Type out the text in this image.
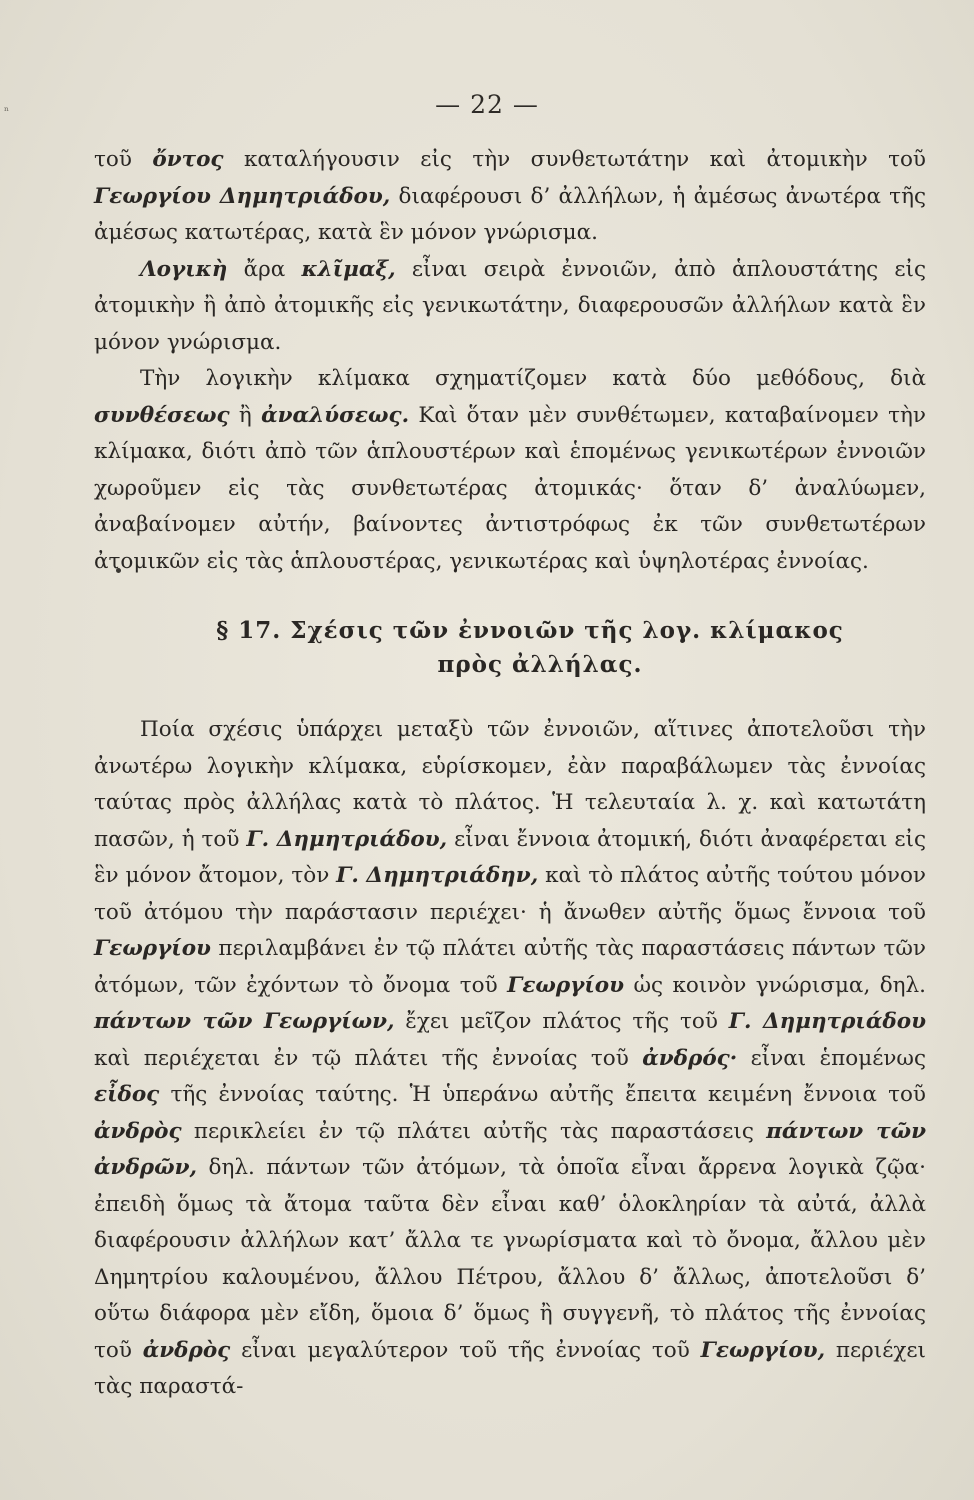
ⁿ	— 22 —

τοῦ ὄντος καταλήγουσιν εἰς τὴν συνθετωτάτην καὶ ἀτομικὴν τοῦ Γεωργίου Δημητριάδου, διαφέρουσι δ’ ἀλλήλων, ἡ ἀμέσως ἀνωτέρα τῆς ἀμέσως κατωτέρας, κατὰ ἓν μόνον γνώρισμα.

Λογικὴ ἄρα κλῖμαξ, εἶναι σειρὰ ἐννοιῶν, ἀπὸ ἁπλουστάτης εἰς ἀτομικὴν ἢ ἀπὸ ἀτομικῆς εἰς γενικωτάτην, διαφερουσῶν ἀλλήλων κατὰ ἓν μόνον γνώρισμα.

Τὴν λογικὴν κλίμακα σχηματίζομεν κατὰ δύο μεθόδους, διὰ συνθέσεως ἢ ἀναλύσεως. Καὶ ὅταν μὲν συνθέτωμεν, καταβαίνομεν τὴν κλίμακα, διότι ἀπὸ τῶν ἁπλουστέρων καὶ ἑπομένως γενικωτέρων ἐννοιῶν χωροῦμεν εἰς τὰς συνθετωτέρας ἀτομικάς· ὅταν δ’ ἀναλύωμεν, ἀναβαίνομεν αὐτήν, βαίνοντες ἀντιστρόφως ἐκ τῶν συνθετωτέρων ἀτομικῶν εἰς τὰς ἁπλουστέρας, γενικωτέρας καὶ ὑψηλοτέρας ἐννοίας.

§ 17. Σχέσις τῶν ἐννοιῶν τῆς λογ. κλίμακος
πρὸς ἀλλήλας.

Ποία σχέσις ὑπάρχει μεταξὺ τῶν ἐννοιῶν, αἵτινες ἀποτελοῦσι τὴν ἀνωτέρω λογικὴν κλίμακα, εὑρίσκομεν, ἐὰν παραβάλωμεν τὰς ἐννοίας ταύτας πρὸς ἀλλήλας κατὰ τὸ πλάτος. Ἡ τελευταία λ. χ. καὶ κατωτάτη πασῶν, ἡ τοῦ Γ. Δημητριάδου, εἶναι ἔννοια ἀτομική, διότι ἀναφέρεται εἰς ἓν μόνον ἄτομον, τὸν Γ. Δημητριάδην, καὶ τὸ πλάτος αὐτῆς τούτου μόνον τοῦ ἀτόμου τὴν παράστασιν περιέχει· ἡ ἄνωθεν αὐτῆς ὅμως ἔννοια τοῦ Γεωργίου περιλαμβάνει ἐν τῷ πλάτει αὐτῆς τὰς παραστάσεις πάντων τῶν ἀτόμων, τῶν ἐχόντων τὸ ὄνομα τοῦ Γεωργίου ὡς κοινὸν γνώρισμα, δηλ. πάντων τῶν Γεωργίων, ἔχει μεῖζον πλάτος τῆς τοῦ Γ. Δημητριάδου καὶ περιέχεται ἐν τῷ πλάτει τῆς ἐννοίας τοῦ ἀνδρός· εἶναι ἑπομένως εἶδος τῆς ἐννοίας ταύτης. Ἡ ὑπεράνω αὐτῆς ἔπειτα κειμένη ἔννοια τοῦ ἀνδρὸς περικλείει ἐν τῷ πλάτει αὐτῆς τὰς παραστάσεις πάντων τῶν ἀνδρῶν, δηλ. πάντων τῶν ἀτόμων, τὰ ὁποῖα εἶναι ἄρρενα λογικὰ ζῷα· ἐπειδὴ ὅμως τὰ ἄτομα ταῦτα δὲν εἶναι καθ’ ὁλοκληρίαν τὰ αὐτά, ἀλλὰ διαφέρουσιν ἀλλήλων κατ’ ἄλλα τε γνωρίσματα καὶ τὸ ὄνομα, ἄλλου μὲν Δημητρίου καλουμένου, ἄλλου Πέτρου, ἄλλου δ’ ἄλλως, ἀποτελοῦσι δ’ οὕτω διάφορα μὲν εἴδη, ὅμοια δ’ ὅμως ἢ συγγενῆ, τὸ πλάτος τῆς ἐννοίας τοῦ ἀνδρὸς εἶναι μεγαλύτερον τοῦ τῆς ἐννοίας τοῦ Γεωργίου, περιέχει τὰς παραστά-
